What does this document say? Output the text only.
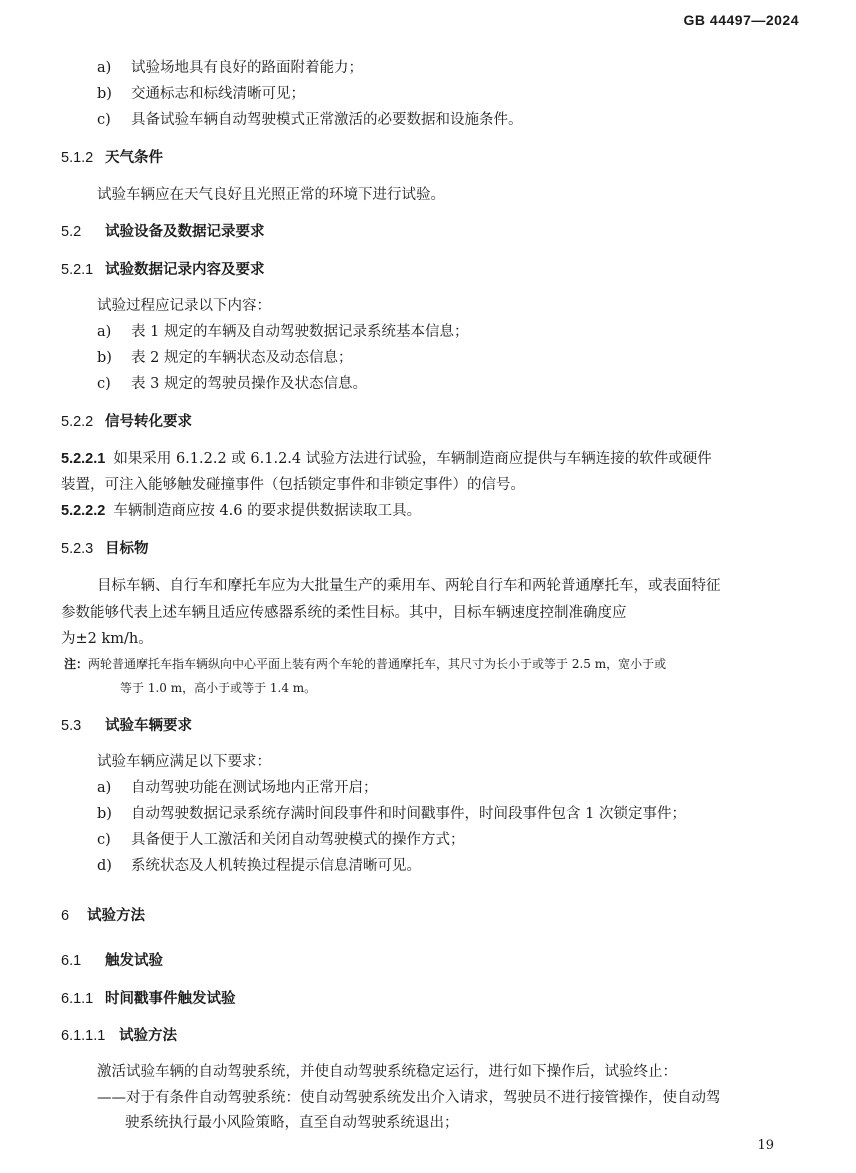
GB 44497—2024
a) 试验场地具有良好的路面附着能力；
b) 交通标志和标线清晰可见；
c) 具备试验车辆自动驾驶模式正常激活的必要数据和设施条件。
5.1.2 天气条件
试验车辆应在天气良好且光照正常的环境下进行试验。
5.2 试验设备及数据记录要求
5.2.1 试验数据记录内容及要求
试验过程应记录以下内容：
a) 表 1 规定的车辆及自动驾驶数据记录系统基本信息；
b) 表 2 规定的车辆状态及动态信息；
c) 表 3 规定的驾驶员操作及状态信息。
5.2.2 信号转化要求
5.2.2.1 如果采用 6.1.2.2 或 6.1.2.4 试验方法进行试验，车辆制造商应提供与车辆连接的软件或硬件
装置，可注入能够触发碰撞事件（包括锁定事件和非锁定事件）的信号。
5.2.2.2 车辆制造商应按 4.6 的要求提供数据读取工具。
5.2.3 目标物
目标车辆、自行车和摩托车应为大批量生产的乘用车、两轮自行车和两轮普通摩托车，或表面特征
参数能够代表上述车辆且适应传感器系统的柔性目标。其中，目标车辆速度控制准确度应
为±2 km/h。
注：两轮普通摩托车指车辆纵向中心平面上装有两个车轮的普通摩托车，其尺寸为长小于或等于 2.5 m，宽小于或
等于 1.0 m，高小于或等于 1.4 m。
5.3 试验车辆要求
试验车辆应满足以下要求：
a) 自动驾驶功能在测试场地内正常开启；
b) 自动驾驶数据记录系统存满时间段事件和时间戳事件，时间段事件包含 1 次锁定事件；
c) 具备便于人工激活和关闭自动驾驶模式的操作方式；
d) 系统状态及人机转换过程提示信息清晰可见。
6 试验方法
6.1 触发试验
6.1.1 时间戳事件触发试验
6.1.1.1 试验方法
激活试验车辆的自动驾驶系统，并使自动驾驶系统稳定运行，进行如下操作后，试验终止：
——对于有条件自动驾驶系统：使自动驾驶系统发出介入请求，驾驶员不进行接管操作，使自动驾
驶系统执行最小风险策略，直至自动驾驶系统退出；
19
